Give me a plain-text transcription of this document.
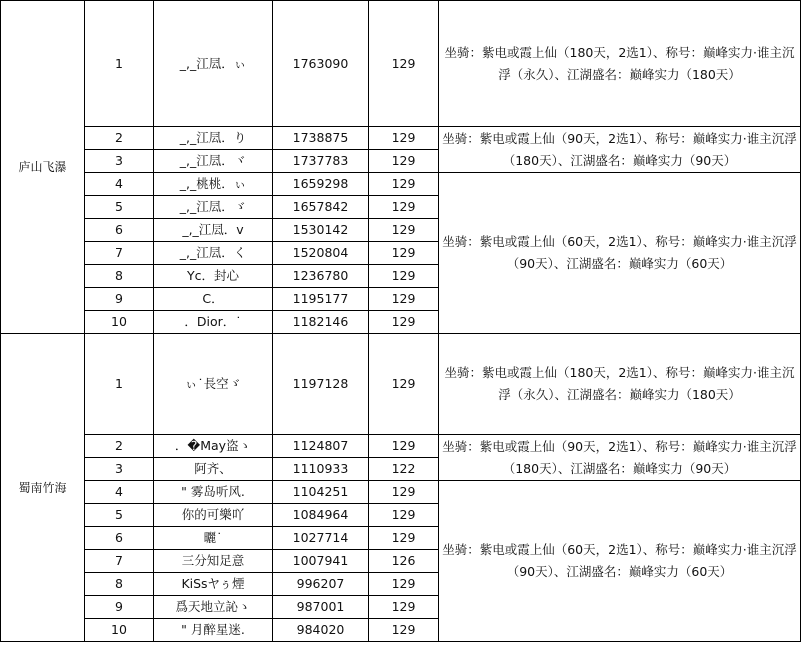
庐山飞瀑	1	_,_江凨．ぃ	1763090	129	坐骑：紫电或霞上仙（180天，2选1）、称号：巅峰实力·谁主沉浮（永久）、江湖盛名：巅峰实力（180天）
	2	_,_江凨．り	1738875	129	坐骑：紫电或霞上仙（90天，2选1）、称号：巅峰实力·谁主沉浮（180天）、江湖盛名：巅峰实力（90天）
	3	_,_江凨．ヾ	1737783	129	
	4	_,_桃桃．ぃ	1659298	129	坐骑：紫电或霞上仙（60天，2选1）、称号：巅峰实力·谁主沉浮（90天）、江湖盛名：巅峰实力（60天）
	5	_,_江凨．ゞ	1657842	129	
	6	_,_江凨．v	1530142	129	
	7	_,_江凨．く	1520804	129	
	8	Yc．封心	1236780	129	
	9	C．	1195177	129	
	10	．Dior．˙	1182146	129	
蜀南竹海	1	ぃ˙長空ゞ	1197128	129	坐骑：紫电或霞上仙（180天，2选1）、称号：巅峰实力·谁主沉浮（永久）、江湖盛名：巅峰实力（180天）
	2	．�May盗ゝ	1124807	129	坐骑：紫电或霞上仙（90天，2选1）、称号：巅峰实力·谁主沉浮（180天）、江湖盛名：巅峰实力（90天）
	3	阿齐、	1110933	122	
	4	" 雾岛听风.	1104251	129	坐骑：紫电或霞上仙（60天，2选1）、称号：巅峰实力·谁主沉浮（90天）、江湖盛名：巅峰实力（60天）
	5	你的可樂吖	1084964	129	
	6	曬˙	1027714	129	
	7	三分知足意	1007941	126	
	8	KiSsヤぅ煙	996207	129	
	9	爲天地立訫ゝ	987001	129	
	10	" 月醉星迷.	984020	129	
